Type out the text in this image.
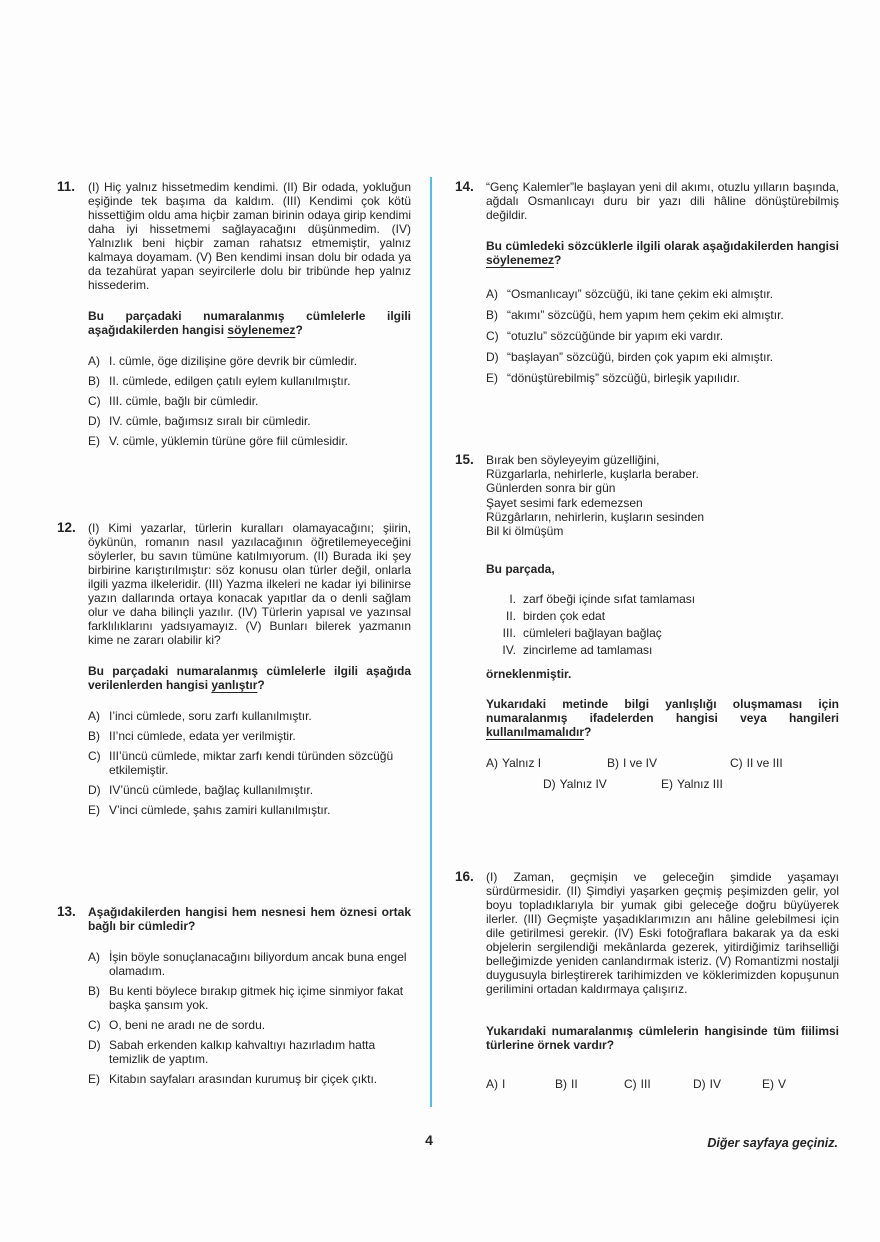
11.	(I) Hiç yalnız hissetmedim kendimi. (II) Bir odada, yokluğun eşiğinde tek başıma da kaldım. (III) Kendimi çok kötü hissettiğim oldu ama hiçbir zaman birinin odaya girip kendimi daha iyi hissetmemi sağlayacağını düşünmedim. (IV) Yalnızlık beni hiçbir zaman rahatsız etmemiştir, yalnız kalmaya doyamam. (V) Ben kendimi insan dolu bir odada ya da tezahürat yapan seyircilerle dolu bir tribünde hep yalnız hissederim.

Bu parçadaki numaralanmış cümlelerle ilgili aşağıdakilerden hangisi söylenemez?

A) I. cümle, öge dizilişine göre devrik bir cümledir.
B) II. cümlede, edilgen çatılı eylem kullanılmıştır.
C) III. cümle, bağlı bir cümledir.
D) IV. cümle, bağımsız sıralı bir cümledir.
E) V. cümle, yüklemin türüne göre fiil cümlesidir.
12.	(I) Kimi yazarlar, türlerin kuralları olamayacağını; şiirin, öykünün, romanın nasıl yazılacağının öğretilemeyeceğini söylerler, bu savın tümüne katılmıyorum. (II) Burada iki şey birbirine karıştırılmıştır: söz konusu olan türler değil, onlarla ilgili yazma ilkeleridir. (III) Yazma ilkeleri ne kadar iyi bilinirse yazın dallarında ortaya konacak yapıtlar da o denli sağlam olur ve daha bilinçli yazılır. (IV) Türlerin yapısal ve yazınsal farklılıklarını yadsıyamayız. (V) Bunları bilerek yazmanın kime ne zararı olabilir ki?

Bu parçadaki numaralanmış cümlelerle ilgili aşağıda verilenlerden hangisi yanlıştır?

A) I’inci cümlede, soru zarfı kullanılmıştır.
B) II’nci cümlede, edata yer verilmiştir.
C) III’üncü cümlede, miktar zarfı kendi türünden sözcüğü etkilemiştir.
D) IV’üncü cümlede, bağlaç kullanılmıştır.
E) V’inci cümlede, şahıs zamiri kullanılmıştır.
13.	Aşağıdakilerden hangisi hem nesnesi hem öznesi ortak bağlı bir cümledir?

A) İşin böyle sonuçlanacağını biliyordum ancak buna engel olamadım.
B) Bu kenti böylece bırakıp gitmek hiç içime sinmiyor fakat başka şansım yok.
C) O, beni ne aradı ne de sordu.
D) Sabah erkenden kalkıp kahvaltıyı hazırladım hatta temizlik de yaptım.
E) Kitabın sayfaları arasından kurumuş bir çiçek çıktı.
14.	“Genç Kalemler”le başlayan yeni dil akımı, otuzlu yılların başında, ağdalı Osmanlıcayı duru bir yazı dili hâline dönüştürebilmiş değildir.

Bu cümledeki sözcüklerle ilgili olarak aşağıdakilerden hangisi söylenemez?

A) “Osmanlıcayı” sözcüğü, iki tane çekim eki almıştır.
B) “akımı” sözcüğü, hem yapım hem çekim eki almıştır.
C) “otuzlu” sözcüğünde bir yapım eki vardır.
D) “başlayan” sözcüğü, birden çok yapım eki almıştır.
E) “dönüştürebilmiş” sözcüğü, birleşik yapılıdır.
15.	Bırak ben söyleyeyim güzelliğini,
Rüzgarlarla, nehirlerle, kuşlarla beraber.
Günlerden sonra bir gün
Şayet sesimi fark edemezsen
Rüzgârların, nehirlerin, kuşların sesinden
Bil ki ölmüşüm

Bu parçada,

I. zarf öbeği içinde sıfat tamlaması
II. birden çok edat
III. cümleleri bağlayan bağlaç
IV. zincirleme ad tamlaması

örneklenmiştir.

Yukarıdaki metinde bilgi yanlışlığı oluşmaması için numaralanmış ifadelerden hangisi veya hangileri kullanılmamalıdır?

A) Yalnız I	B) I ve IV	C) II ve III
D) Yalnız IV	E) Yalnız III
16.	(I) Zaman, geçmişin ve geleceğin şimdide yaşamayı sürdürmesidir. (II) Şimdiyi yaşarken geçmiş peşimizden gelir, yol boyu topladıklarıyla bir yumak gibi geleceğe doğru büyüyerek ilerler. (III) Geçmişte yaşadıklarımızın anı hâline gelebilmesi için dile getirilmesi gerekir. (IV) Eski fotoğraflara bakarak ya da eski objelerin sergilendiği mekânlarda gezerek, yitirdiğimiz tarihselliği belleğimizde yeniden canlandırmak isteriz. (V) Romantizmi nostalji duygusuyla birleştirerek tarihimizden ve köklerimizden kopuşunun gerilimini ortadan kaldırmaya çalışırız.

Yukarıdaki numaralanmış cümlelerin hangisinde tüm fiilimsi türlerine örnek vardır?

A) I	B) II	C) III	D) IV	E) V
4	Diğer sayfaya geçiniz.
